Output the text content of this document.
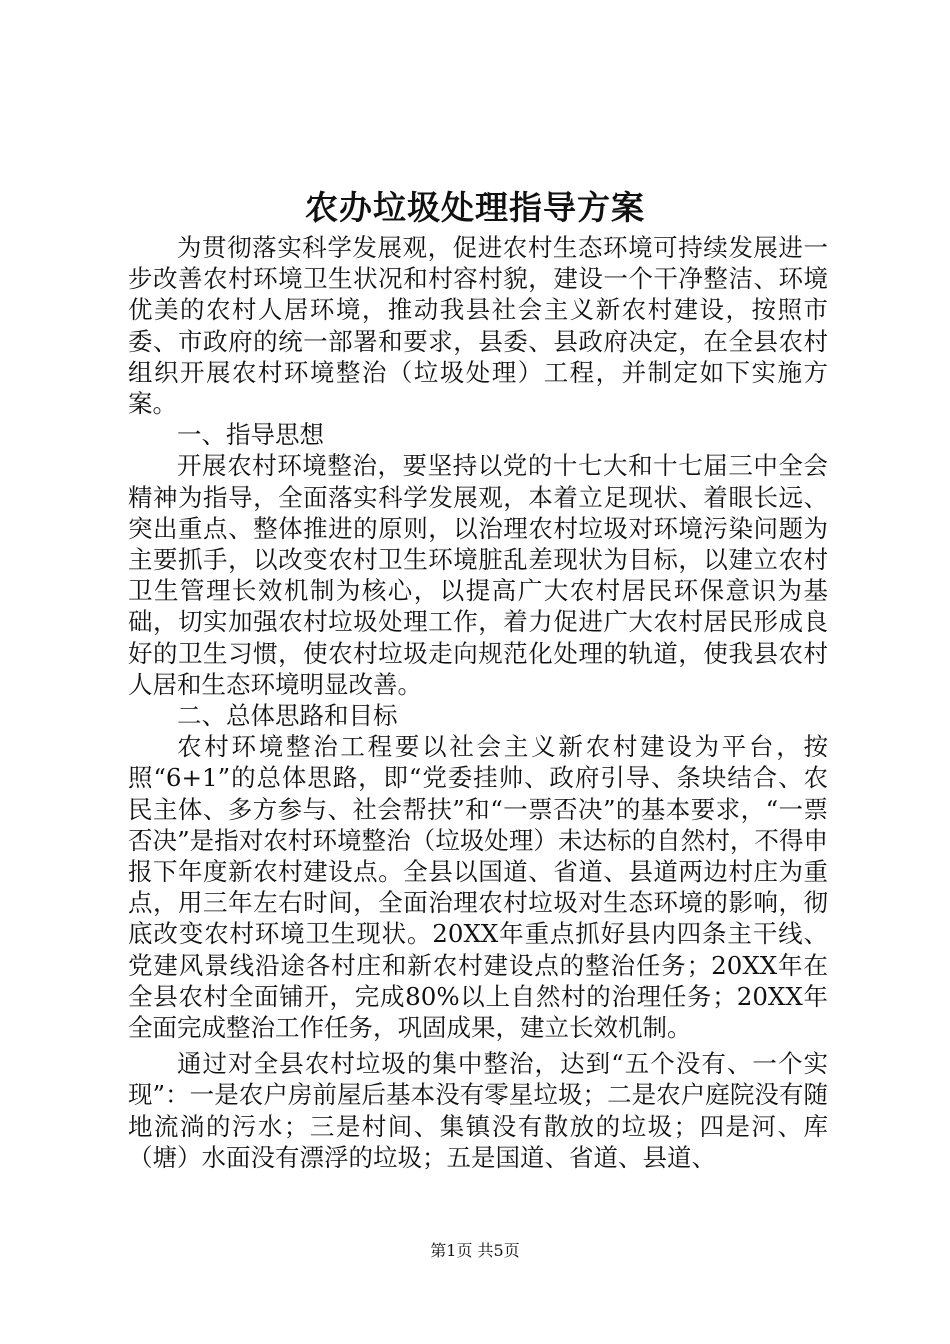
农办垃圾处理指导方案

为贯彻落实科学发展观，促进农村生态环境可持续发展进一步改善农村环境卫生状况和村容村貌，建设一个干净整洁、环境优美的农村人居环境，推动我县社会主义新农村建设，按照市委、市政府的统一部署和要求，县委、县政府决定，在全县农村组织开展农村环境整治（垃圾处理）工程，并制定如下实施方案。

一、指导思想

开展农村环境整治，要坚持以党的十七大和十七届三中全会精神为指导，全面落实科学发展观，本着立足现状、着眼长远、突出重点、整体推进的原则，以治理农村垃圾对环境污染问题为主要抓手，以改变农村卫生环境脏乱差现状为目标，以建立农村卫生管理长效机制为核心，以提高广大农村居民环保意识为基础，切实加强农村垃圾处理工作，着力促进广大农村居民形成良好的卫生习惯，使农村垃圾走向规范化处理的轨道，使我县农村人居和生态环境明显改善。

二、总体思路和目标

农村环境整治工程要以社会主义新农村建设为平台，按照“6+1”的总体思路，即“党委挂帅、政府引导、条块结合、农民主体、多方参与、社会帮扶”和“一票否决”的基本要求，“一票否决”是指对农村环境整治（垃圾处理）未达标的自然村，不得申报下年度新农村建设点。全县以国道、省道、县道两边村庄为重点，用三年左右时间，全面治理农村垃圾对生态环境的影响，彻底改变农村环境卫生现状。20XX年重点抓好县内四条主干线、党建风景线沿途各村庄和新农村建设点的整治任务；20XX年在全县农村全面铺开，完成80%以上自然村的治理任务；20XX年全面完成整治工作任务，巩固成果，建立长效机制。

通过对全县农村垃圾的集中整治，达到“五个没有、一个实现”：一是农户房前屋后基本没有零星垃圾；二是农户庭院没有随地流淌的污水；三是村间、集镇没有散放的垃圾；四是河、库（塘）水面没有漂浮的垃圾；五是国道、省道、县道、

第1页 共5页
